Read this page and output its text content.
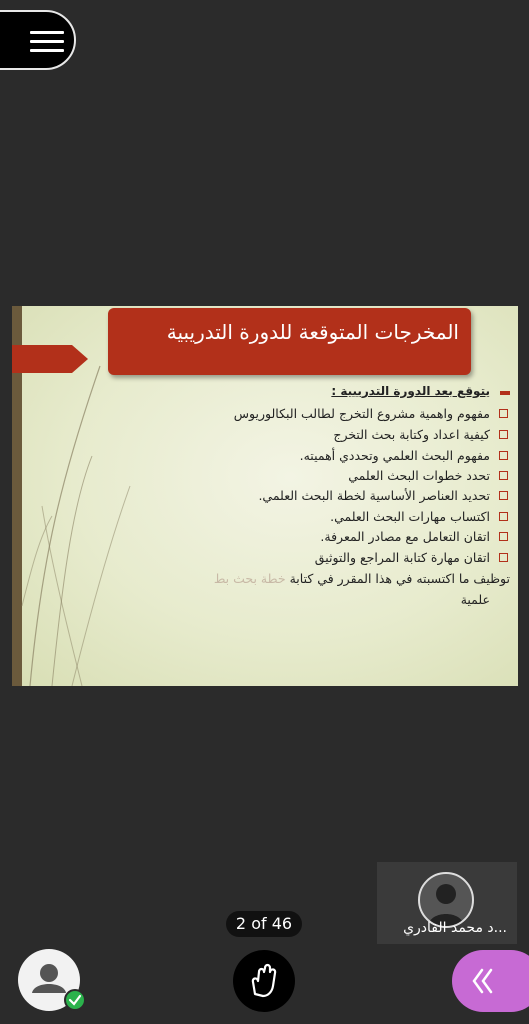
المخرجات المتوقعة للدورة التدريبية
يتوقع بعد الدورة التدريبية :
مفهوم واهمية مشروع التخرج لطالب البكالوريوس
كيفية اعداد وكتابة بحث التخرج
مفهوم البحث العلمي وتحددي أهميته.
تحدد خطوات البحث العلمي
تحديد العناصر الأساسية لخطة البحث العلمي.
اكتساب مهارات البحث العلمي.
اتقان التعامل مع مصادر المعرفة.
اتقان مهارة كتابة المراجع والتوثيق
توظيف ما اكتسبته في هذا المقرر في كتابة خطة بحث بط
علمية
2 of 46	...د محمد القادري
